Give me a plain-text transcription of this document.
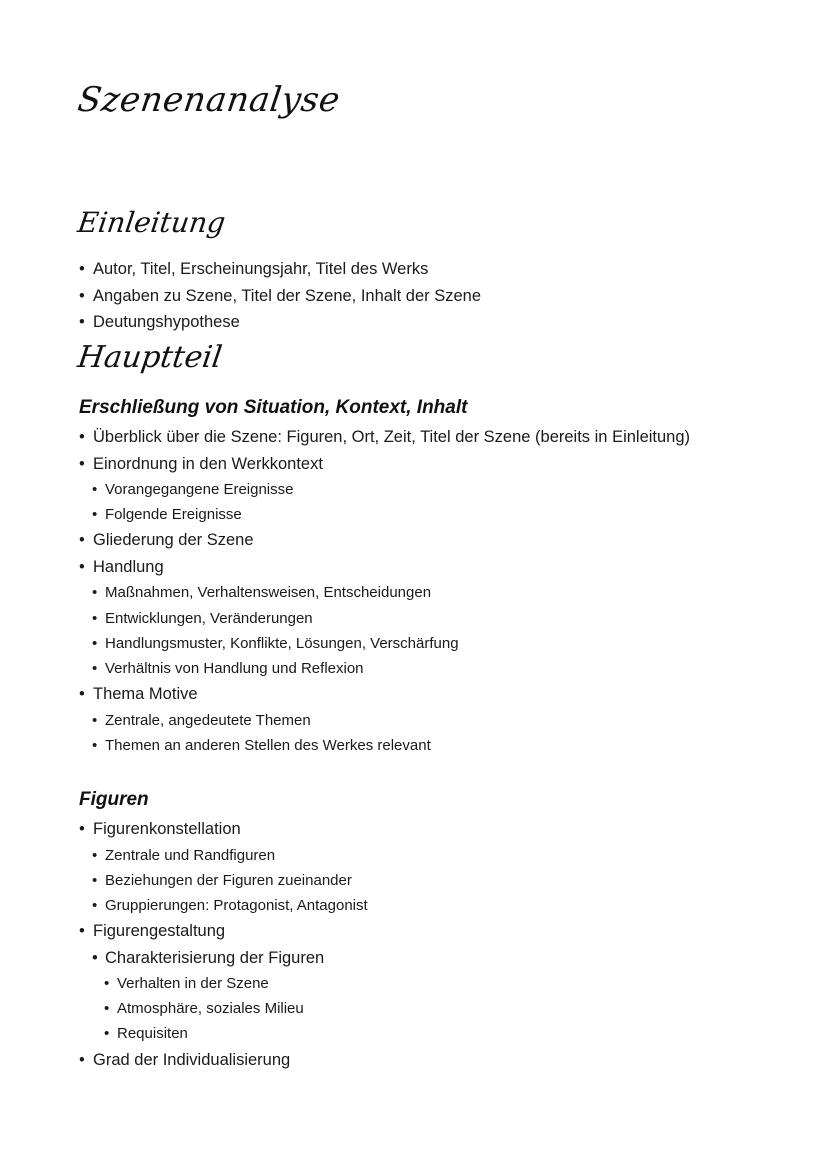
Szenenanalyse
Einleitung
• Autor, Titel, Erscheinungsjahr, Titel des Werks
• Angaben zu Szene, Titel der Szene, Inhalt der Szene
• Deutungshypothese
Hauptteil
Erschließung von Situation, Kontext, Inhalt
• Überblick über die Szene: Figuren, Ort, Zeit, Titel der Szene (bereits in Einleitung)
• Einordnung in den Werkkontext
• Vorangegangene Ereignisse
• Folgende Ereignisse
• Gliederung der Szene
• Handlung
• Maßnahmen, Verhaltensweisen, Entscheidungen
• Entwicklungen, Veränderungen
• Handlungsmuster, Konflikte, Lösungen, Verschärfung
• Verhältnis von Handlung und Reflexion
• Thema Motive
• Zentrale, angedeutete Themen
• Themen an anderen Stellen des Werkes relevant
Figuren
• Figurenkonstellation
• Zentrale und Randfiguren
• Beziehungen der Figuren zueinander
• Gruppierungen: Protagonist, Antagonist
• Figurengestaltung
• Charakterisierung der Figuren
• Verhalten in der Szene
• Atmosphäre, soziales Milieu
• Requisiten
• Grad der Individualisierung
